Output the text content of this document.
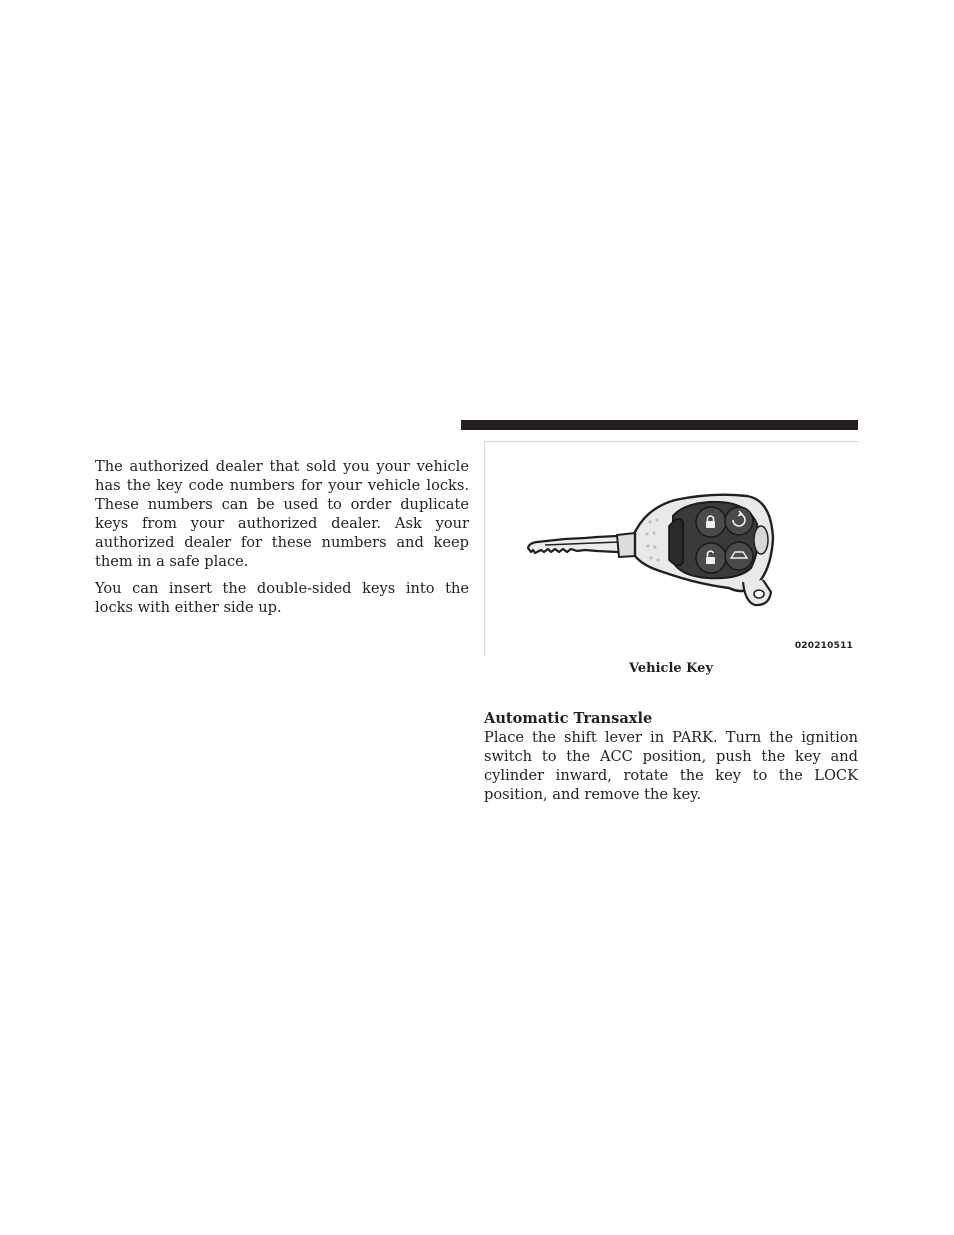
The authorized dealer that sold you your vehicle has the key code numbers for your vehicle locks. These numbers can be used to order duplicate keys from your authorized dealer. Ask your authorized dealer for these numbers and keep them in a safe place.

You can insert the double-sided keys into the locks with either side up.

020210511
Vehicle Key
Automatic Transaxle

Place the shift lever in PARK. Turn the ignition switch to the ACC position, push the key and cylinder inward, rotate the key to the LOCK position, and remove the key.
